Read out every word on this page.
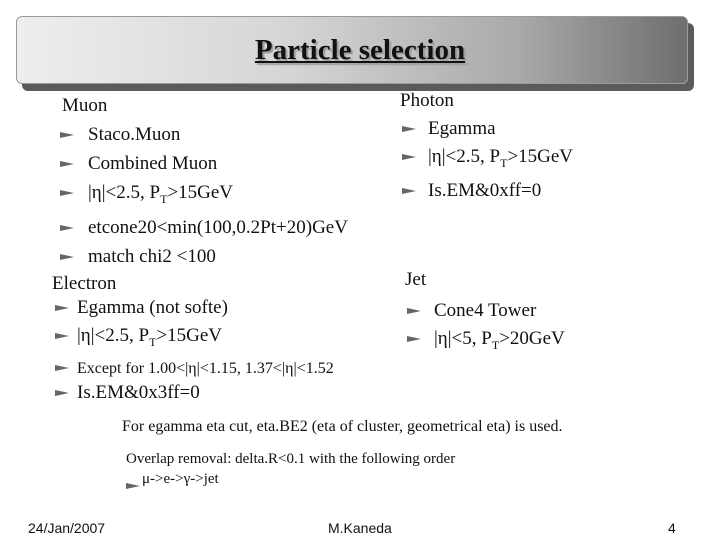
Particle selection
Muon
Staco.Muon
Combined Muon
|η|<2.5, $P_T>15GeV$
etcone20<min(100,0.2Pt+20)GeV
match chi2 <100
Photon
Egamma
|η|<2.5, $P_T>15GeV$
Is.EM&0xff=0
Electron
Egamma (not softe)
|η|<2.5, $P_T>15GeV$
Except for 1.00<|η|<1.15, 1.37<|η|<1.52
Is.EM&0x3ff=0
Jet
Cone4 Tower
|η|<5, $P_T>20GeV$
For egamma eta cut, eta.BE2 (eta of cluster, geometrical eta) is used.
Overlap removal: delta.R<0.1 with the following order
μ->e->γ->jet
24/Jan/2007	M.Kaneda	4
